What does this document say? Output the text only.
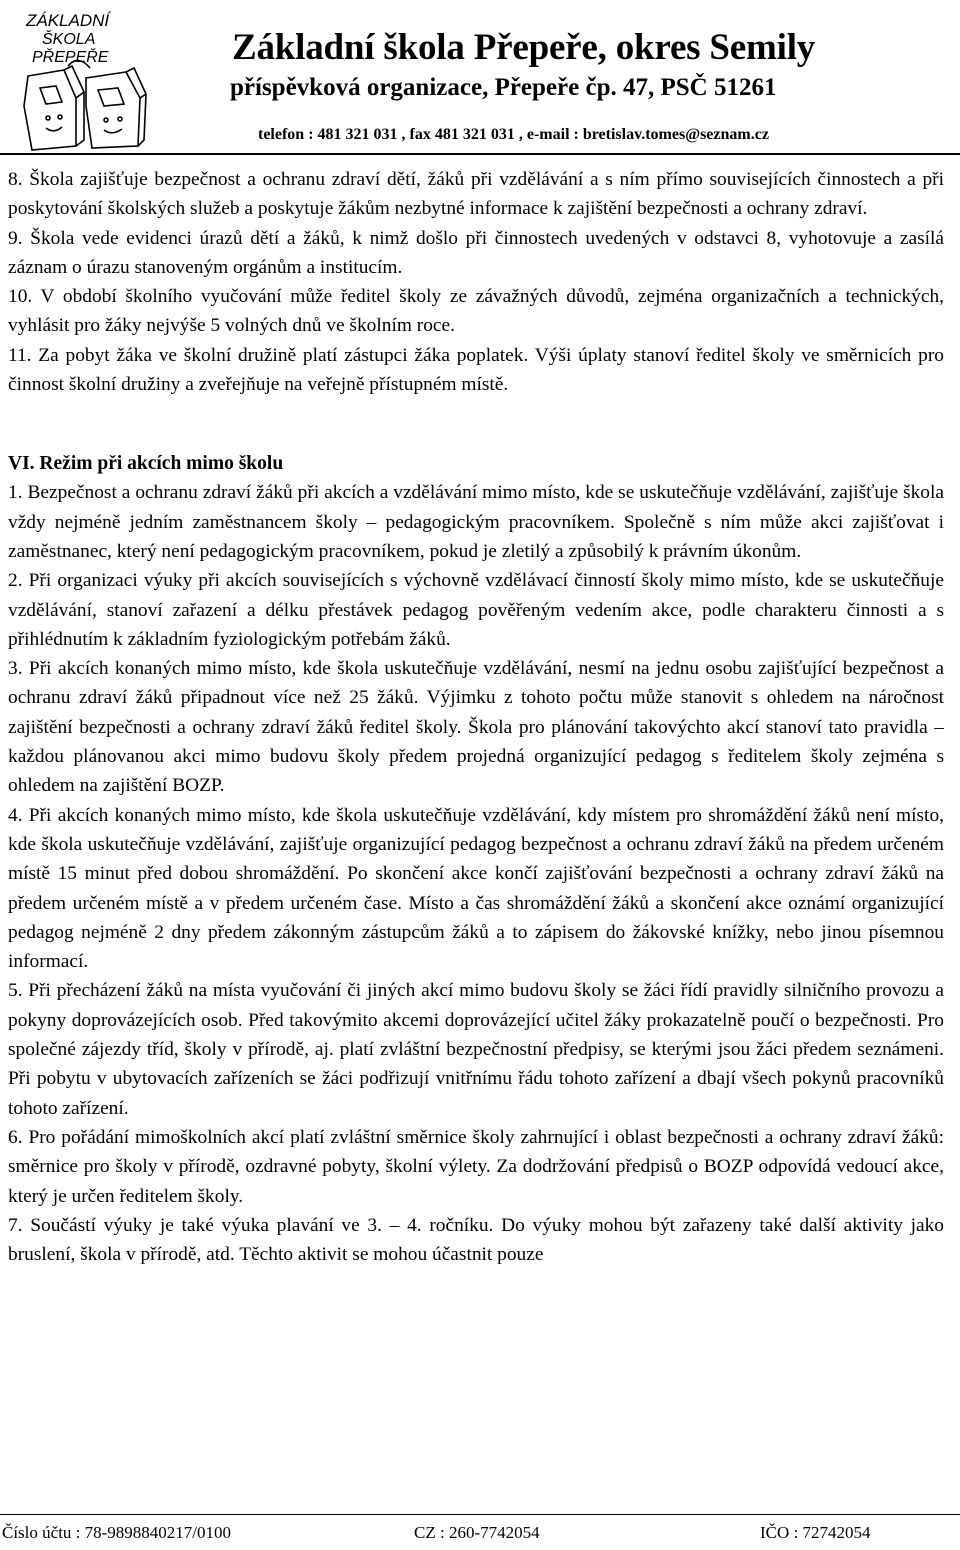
ZÁKLADNÍ
ŠKOLA
PŘEPEŘE	Základní škola Přepeře, okres Semily
příspěvková organizace, Přepeře čp. 47, PSČ 51261
telefon : 481 321 031 , fax 481 321 031 , e-mail : bretislav.tomes@seznam.cz

8. Škola zajišťuje bezpečnost a ochranu zdraví dětí, žáků při vzdělávání a s ním přímo souvisejících činnostech a při poskytování školských služeb a poskytuje žákům nezbytné informace k zajištění bezpečnosti a ochrany zdraví.

9. Škola vede evidenci úrazů dětí a žáků, k nimž došlo při činnostech uvedených v odstavci 8, vyhotovuje a zasílá záznam o úrazu stanoveným orgánům a institucím.

10. V období školního vyučování může ředitel školy ze závažných důvodů, zejména organizačních a technických, vyhlásit pro žáky nejvýše 5 volných dnů ve školním roce.

11. Za pobyt žáka ve školní družině platí zástupci žáka poplatek. Výši úplaty stanoví ředitel školy ve směrnicích pro činnost školní družiny a zveřejňuje na veřejně přístupném místě.

VI. Režim při akcích mimo školu

1. Bezpečnost a ochranu zdraví žáků při akcích a vzdělávání mimo místo, kde se uskutečňuje vzdělávání, zajišťuje škola vždy nejméně jedním zaměstnancem školy – pedagogickým pracovníkem. Společně s ním může akci zajišťovat i zaměstnanec, který není pedagogickým pracovníkem, pokud je zletilý a způsobilý k právním úkonům.

2. Při organizaci výuky při akcích souvisejících s výchovně vzdělávací činností školy mimo místo, kde se uskutečňuje vzdělávání, stanoví zařazení a délku přestávek pedagog pověřeným vedením akce, podle charakteru činnosti a s přihlédnutím k základním fyziologickým potřebám žáků.

3. Při akcích konaných mimo místo, kde škola uskutečňuje vzdělávání, nesmí na jednu osobu zajišťující bezpečnost a ochranu zdraví žáků připadnout více než 25 žáků. Výjimku z tohoto počtu může stanovit s ohledem na náročnost zajištění bezpečnosti a ochrany zdraví žáků ředitel školy. Škola pro plánování takovýchto akcí stanoví tato pravidla – každou plánovanou akci mimo budovu školy předem projedná organizující pedagog s ředitelem školy zejména s ohledem na zajištění BOZP.

4. Při akcích konaných mimo místo, kde škola uskutečňuje vzdělávání, kdy místem pro shromáždění žáků není místo, kde škola uskutečňuje vzdělávání, zajišťuje organizující pedagog bezpečnost a ochranu zdraví žáků na předem určeném místě 15 minut před dobou shromáždění. Po skončení akce končí zajišťování bezpečnosti a ochrany zdraví žáků na předem určeném místě a v předem určeném čase. Místo a čas shromáždění žáků a skončení akce oznámí organizující pedagog nejméně 2 dny předem zákonným zástupcům žáků a to zápisem do žákovské knížky, nebo jinou písemnou informací.

5. Při přecházení žáků na místa vyučování či jiných akcí mimo budovu školy se žáci řídí pravidly silničního provozu a pokyny doprovázejících osob. Před takovýmito akcemi doprovázející učitel žáky prokazatelně poučí o bezpečnosti. Pro společné zájezdy tříd, školy v přírodě, aj. platí zvláštní bezpečnostní předpisy, se kterými jsou žáci předem seznámeni. Při pobytu v ubytovacích zařízeních se žáci podřizují vnitřnímu řádu tohoto zařízení a dbají všech pokynů pracovníků tohoto zařízení.

6. Pro pořádání mimoškolních akcí platí zvláštní směrnice školy zahrnující i oblast bezpečnosti a ochrany zdraví žáků: směrnice pro školy v přírodě, ozdravné pobyty, školní výlety. Za dodržování předpisů o BOZP odpovídá vedoucí akce, který je určen ředitelem školy.

7. Součástí výuky je také výuka plavání ve 3. – 4. ročníku. Do výuky mohou být zařazeny také další aktivity jako bruslení, škola v přírodě, atd. Těchto aktivit se mohou účastnit pouze

Číslo účtu : 78-9898840217/0100	CZ : 260-7742054	IČO : 72742054
